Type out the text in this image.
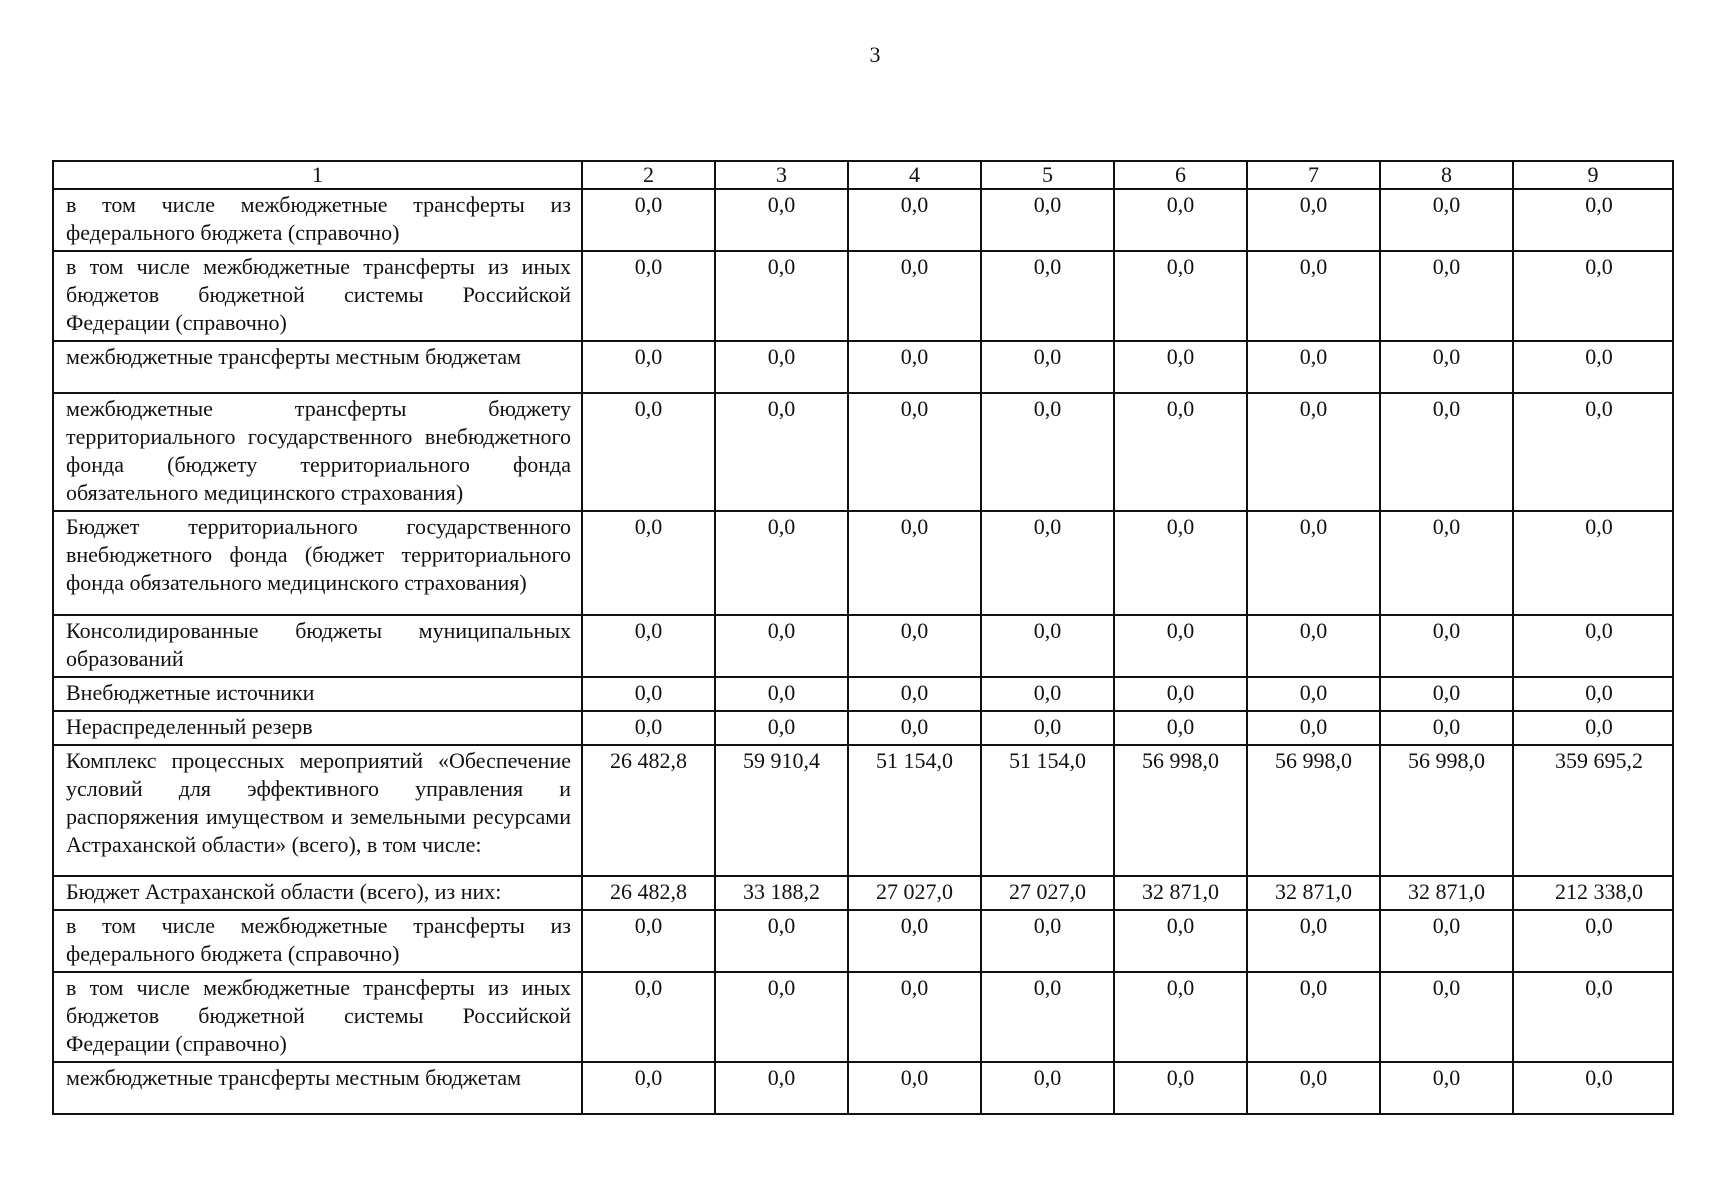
3
1	2	3	4	5	6	7	8	9
в том числе межбюджетные трансферты из федерального бюджета (справочно)	0,0	0,0	0,0	0,0	0,0	0,0	0,0	0,0
в том числе межбюджетные трансферты из иных бюджетов бюджетной системы Российской Федерации (справочно)	0,0	0,0	0,0	0,0	0,0	0,0	0,0	0,0
межбюджетные трансферты местным бюджетам	0,0	0,0	0,0	0,0	0,0	0,0	0,0	0,0
межбюджетные трансферты бюджету территориального государственного внебюджетного фонда (бюджету территориального фонда обязательного медицинского страхования)	0,0	0,0	0,0	0,0	0,0	0,0	0,0	0,0
Бюджет территориального государственного внебюджетного фонда (бюджет территориального фонда обязательного медицинского страхования)	0,0	0,0	0,0	0,0	0,0	0,0	0,0	0,0
Консолидированные бюджеты муниципальных образований	0,0	0,0	0,0	0,0	0,0	0,0	0,0	0,0
Внебюджетные источники	0,0	0,0	0,0	0,0	0,0	0,0	0,0	0,0
Нераспределенный резерв	0,0	0,0	0,0	0,0	0,0	0,0	0,0	0,0
Комплекс процессных мероприятий «Обеспечение условий для эффективного управления и распоряжения имуществом и земельными ресурсами Астраханской области» (всего), в том числе:	26 482,8	59 910,4	51 154,0	51 154,0	56 998,0	56 998,0	56 998,0	359 695,2
Бюджет Астраханской области (всего), из них:	26 482,8	33 188,2	27 027,0	27 027,0	32 871,0	32 871,0	32 871,0	212 338,0
в том числе межбюджетные трансферты из федерального бюджета (справочно)	0,0	0,0	0,0	0,0	0,0	0,0	0,0	0,0
в том числе межбюджетные трансферты из иных бюджетов бюджетной системы Российской Федерации (справочно)	0,0	0,0	0,0	0,0	0,0	0,0	0,0	0,0
межбюджетные трансферты местным бюджетам	0,0	0,0	0,0	0,0	0,0	0,0	0,0	0,0
